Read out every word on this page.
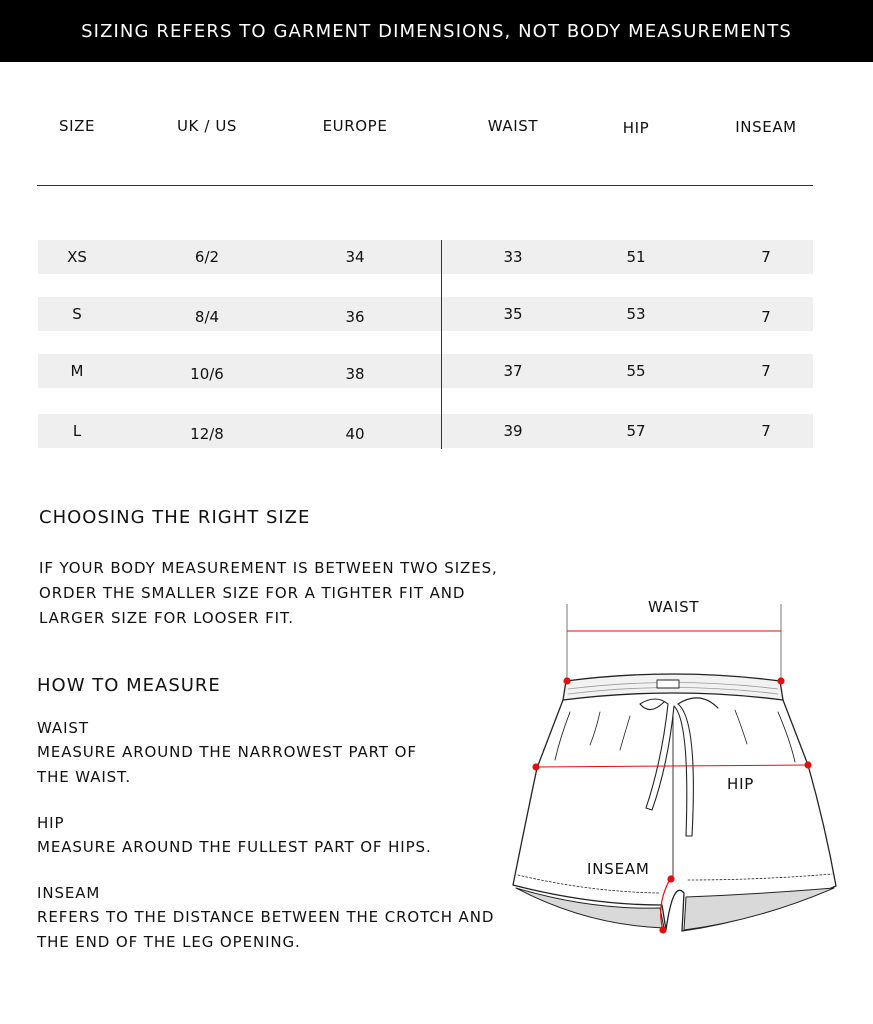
SIZING REFERS TO GARMENT DIMENSIONS, NOT BODY MEASUREMENTS
SIZE	UK / US	EUROPE	WAIST	HIP	INSEAM
XS	6/2	34	33	51	7
S	8/4	36	35	53	7
M	10/6	38	37	55	7
L	12/8	40	39	57	7
CHOOSING THE RIGHT SIZE
IF YOUR BODY MEASUREMENT IS BETWEEN TWO SIZES,
ORDER THE SMALLER SIZE FOR A TIGHTER FIT AND
LARGER SIZE FOR LOOSER FIT.
HOW TO MEASURE
WAIST
MEASURE AROUND THE NARROWEST PART OF
THE WAIST.
HIP
MEASURE AROUND THE FULLEST PART OF HIPS.
INSEAM
REFERS TO THE DISTANCE BETWEEN THE CROTCH AND
THE END OF THE LEG OPENING.
WAIST
HIP
INSEAM
